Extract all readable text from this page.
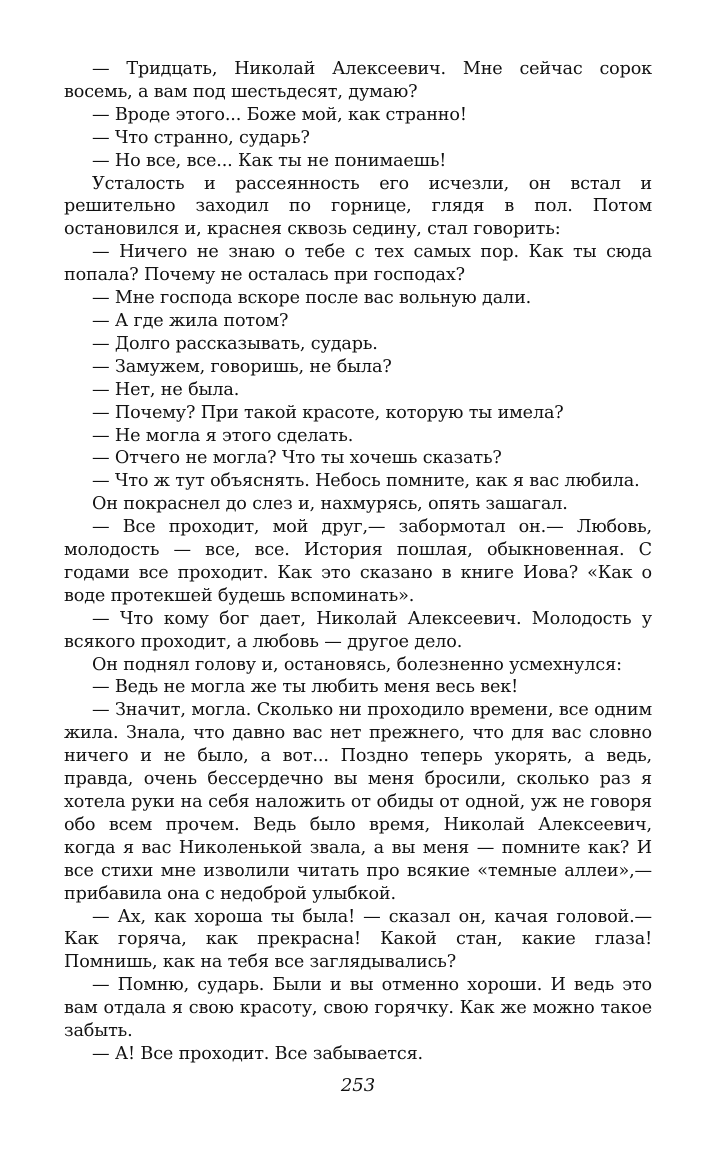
— Тридцать, Николай Алексеевич. Мне сейчас сорок восемь, а вам под шестьдесят, думаю?

— Вроде этого... Боже мой, как странно!

— Что странно, сударь?

— Но все, все... Как ты не понимаешь!

Усталость и рассеянность его исчезли, он встал и решительно заходил по горнице, глядя в пол. Потом остановился и, краснея сквозь седину, стал говорить:

— Ничего не знаю о тебе с тех самых пор. Как ты сюда попала? Почему не осталась при господах?

— Мне господа вскоре после вас вольную дали.

— А где жила потом?

— Долго рассказывать, сударь.

— Замужем, говоришь, не была?

— Нет, не была.

— Почему? При такой красоте, которую ты имела?

— Не могла я этого сделать.

— Отчего не могла? Что ты хочешь сказать?

— Что ж тут объяснять. Небось помните, как я вас любила.

Он покраснел до слез и, нахмурясь, опять зашагал.

— Все проходит, мой друг,— забормотал он.— Любовь, молодость — все, все. История пошлая, обыкновенная. С годами все проходит. Как это сказано в книге Иова? «Как о воде протекшей будешь вспоминать».

— Что кому бог дает, Николай Алексеевич. Молодость у всякого проходит, а любовь — другое дело.

Он поднял голову и, остановясь, болезненно усмехнулся:

— Ведь не могла же ты любить меня весь век!

— Значит, могла. Сколько ни проходило времени, все одним жила. Знала, что давно вас нет прежнего, что для вас словно ничего и не было, а вот... Поздно теперь укорять, а ведь, правда, очень бессердечно вы меня бросили, сколько раз я хотела руки на себя наложить от обиды от одной, уж не говоря обо всем прочем. Ведь было время, Николай Алексеевич, когда я вас Николенькой звала, а вы меня — помните как? И все стихи мне изволили читать про всякие «темные аллеи»,— прибавила она с недоброй улыбкой.

— Ах, как хороша ты была! — сказал он, качая головой.— Как горяча, как прекрасна! Какой стан, какие глаза! Помнишь, как на тебя все заглядывались?

— Помню, сударь. Были и вы отменно хороши. И ведь это вам отдала я свою красоту, свою горячку. Как же можно такое забыть.

— А! Все проходит. Все забывается.

253
